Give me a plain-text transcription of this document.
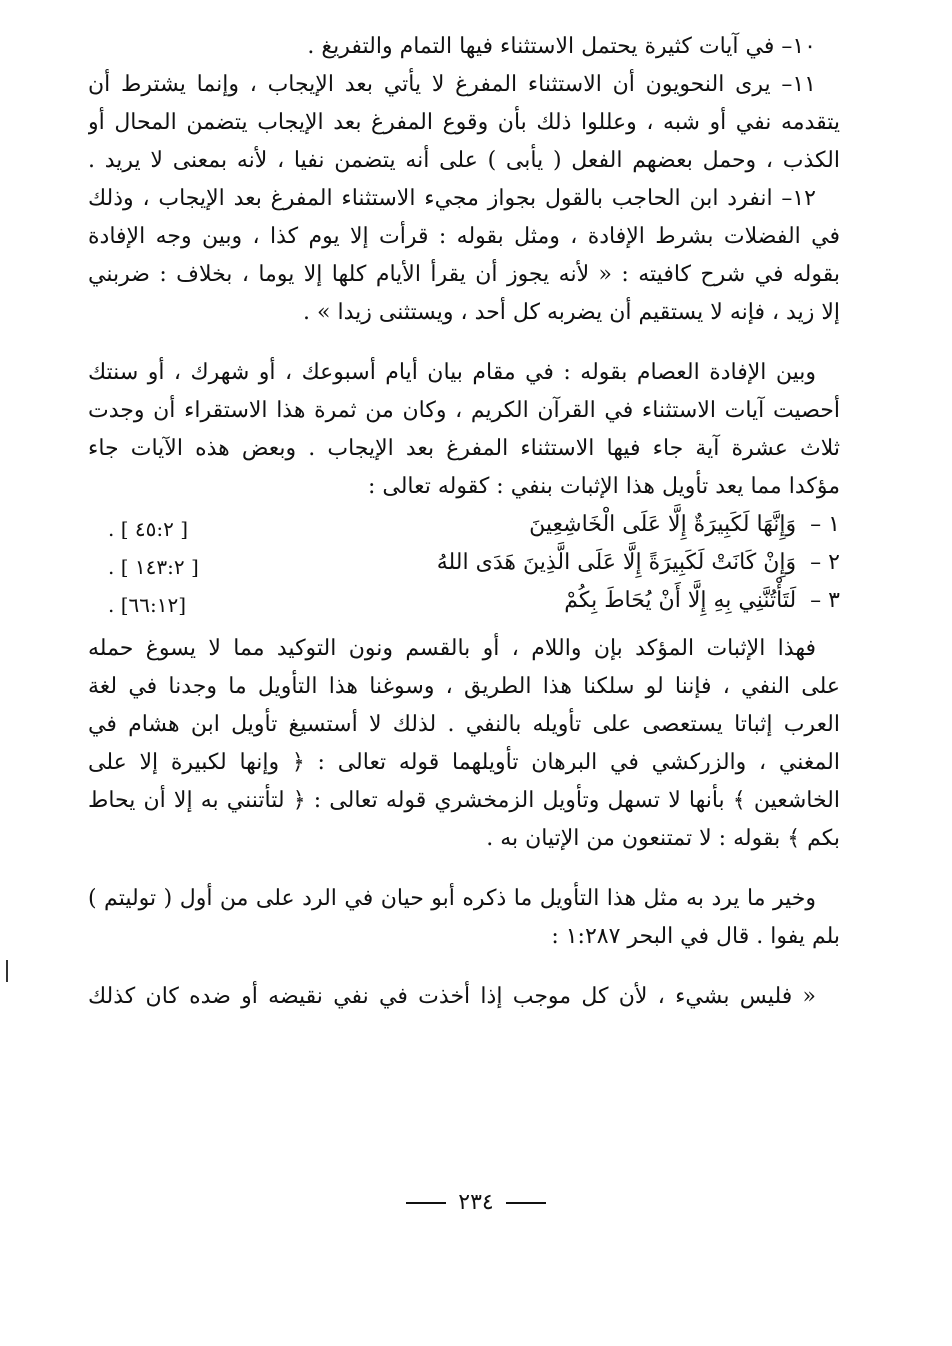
١٠– في آيات كثيرة يحتمل الاستثناء فيها التمام والتفريغ .
١١– يرى النحويون أن الاستثناء المفرغ لا يأتي بعد الإيجاب ، وإنما يشترط أن
يتقدمه نفي أو شبه ، وعللوا ذلك بأن وقوع المفرغ بعد الإيجاب يتضمن المحال أو
الكذب ، وحمل بعضهم الفعل ( يأبى ) على أنه يتضمن نفيا ، لأنه بمعنى لا يريد .
١٢– انفرد ابن الحاجب بالقول بجواز مجيء الاستثناء المفرغ بعد الإيجاب ، وذلك
في الفضلات بشرط الإفادة ، ومثل بقوله : قرأت إلا يوم كذا ، وبين وجه الإفادة
بقوله في شرح كافيته : « لأنه يجوز أن يقرأ الأيام كلها إلا يوما ، بخلاف : ضربني
إلا زيد ، فإنه لا يستقيم أن يضربه كل أحد ، ويستثنى زيدا » .
وبين الإفادة العصام بقوله : في مقام بيان أيام أسبوعك ، أو شهرك ، أو سنتك
أحصيت آيات الاستثناء في القرآن الكريم ، وكان من ثمرة هذا الاستقراء أن وجدت
ثلاث عشرة آية جاء فيها الاستثناء المفرغ بعد الإيجاب . وبعض هذه الآيات جاء
مؤكدا مما يعد تأويل هذا الإثبات بنفي : كقوله تعالى :
١ –  وَإِنَّهَا لَكَبِيرَةٌ إِلَّا عَلَى الْخَاشِعِينَ
. [ ٤٥:٢ ]
٢ –  وَإِنْ كَانَتْ لَكَبِيرَةً إِلَّا عَلَى الَّذِينَ هَدَى اللهُ
. [ ١٤٣:٢ ]
٣ –  لَتَأْتُنَّنِي بِهِ إِلَّا أَنْ يُحَاطَ بِكُمْ
. [٦٦:١٢]
فهذا الإثبات المؤكد بإن واللام ، أو بالقسم ونون التوكيد مما لا يسوغ حمله
على النفي ، فإننا لو سلكنا هذا الطريق ، وسوغنا هذا التأويل ما وجدنا في لغة
العرب إثباتا يستعصى على تأويله بالنفي . لذلك لا أستسيغ تأويل ابن هشام في
المغني ، والزركشي في البرهان تأويلهما قوله تعالى : ﴿ وإنها لكبيرة إلا على
الخاشعين ﴾ بأنها لا تسهل وتأويل الزمخشري قوله تعالى : ﴿ لتأتنني به إلا أن يحاط
بكم ﴾ بقوله : لا تمتنعون من الإتيان به .
وخير ما يرد به مثل هذا التأويل ما ذكره أبو حيان في الرد على من أول ( توليتم )
بلم يفوا . قال في البحر ١:٢٨٧ :
« فليس بشيء ، لأن كل موجب إذا أخذت في نفي نقيضه أو ضده كان كذلك
٢٣٤
